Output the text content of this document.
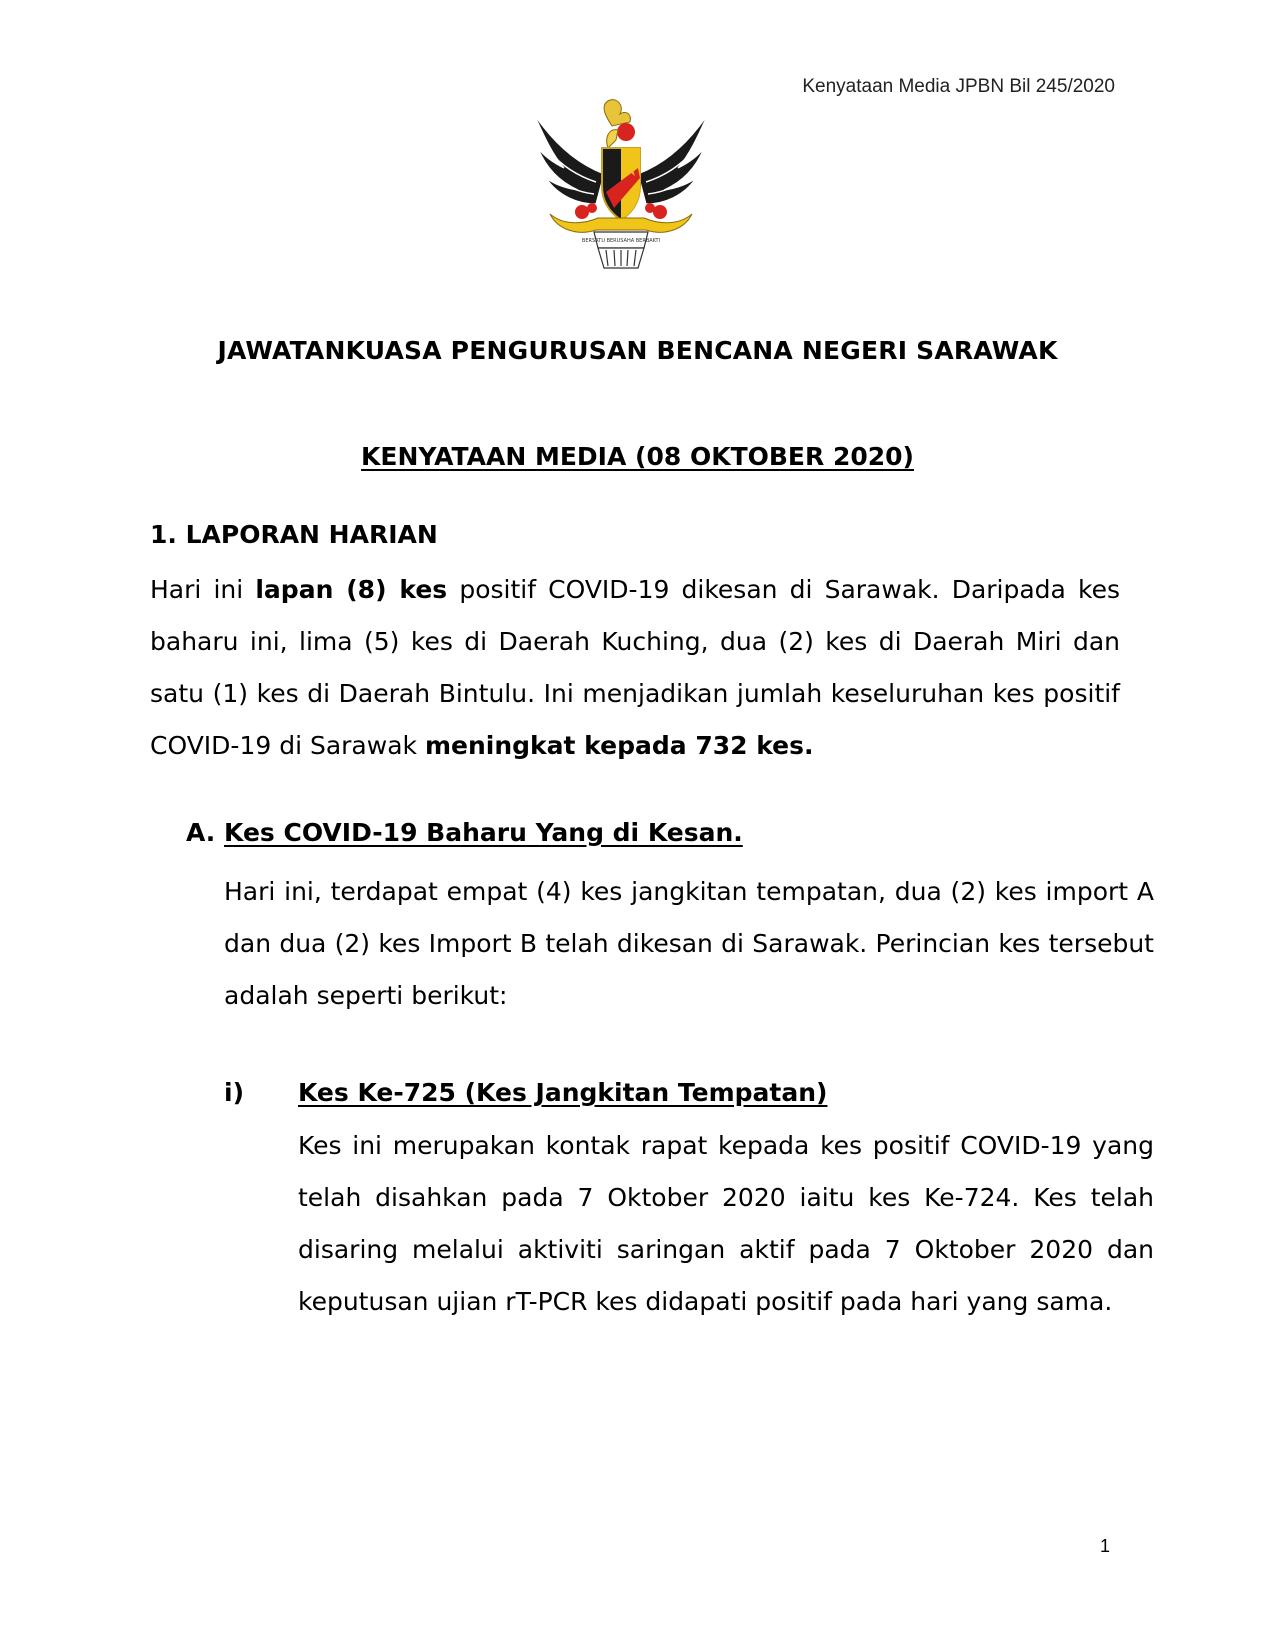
Kenyataan Media JPBN Bil 245/2020
BERSATU BERUSAHA BERBAKTI
JAWATANKUASA PENGURUSAN BENCANA NEGERI SARAWAK
KENYATAAN MEDIA (08 OKTOBER 2020)
1. LAPORAN HARIAN
Hari ini lapan (8) kes positif COVID-19 dikesan di Sarawak. Daripada kes baharu ini, lima (5) kes di Daerah Kuching, dua (2) kes di Daerah Miri dan satu (1) kes di Daerah Bintulu. Ini menjadikan jumlah keseluruhan kes positif COVID-19 di Sarawak meningkat kepada 732 kes.
A. Kes COVID-19 Baharu Yang di Kesan.
Hari ini, terdapat empat (4) kes jangkitan tempatan, dua (2) kes import A dan dua (2) kes Import B telah dikesan di Sarawak. Perincian kes tersebut adalah seperti berikut:
i) Kes Ke-725 (Kes Jangkitan Tempatan)
Kes ini merupakan kontak rapat kepada kes positif COVID-19 yang telah disahkan pada 7 Oktober 2020 iaitu kes Ke-724. Kes telah disaring melalui aktiviti saringan aktif pada 7 Oktober 2020 dan keputusan ujian rT-PCR kes didapati positif pada hari yang sama.
1
